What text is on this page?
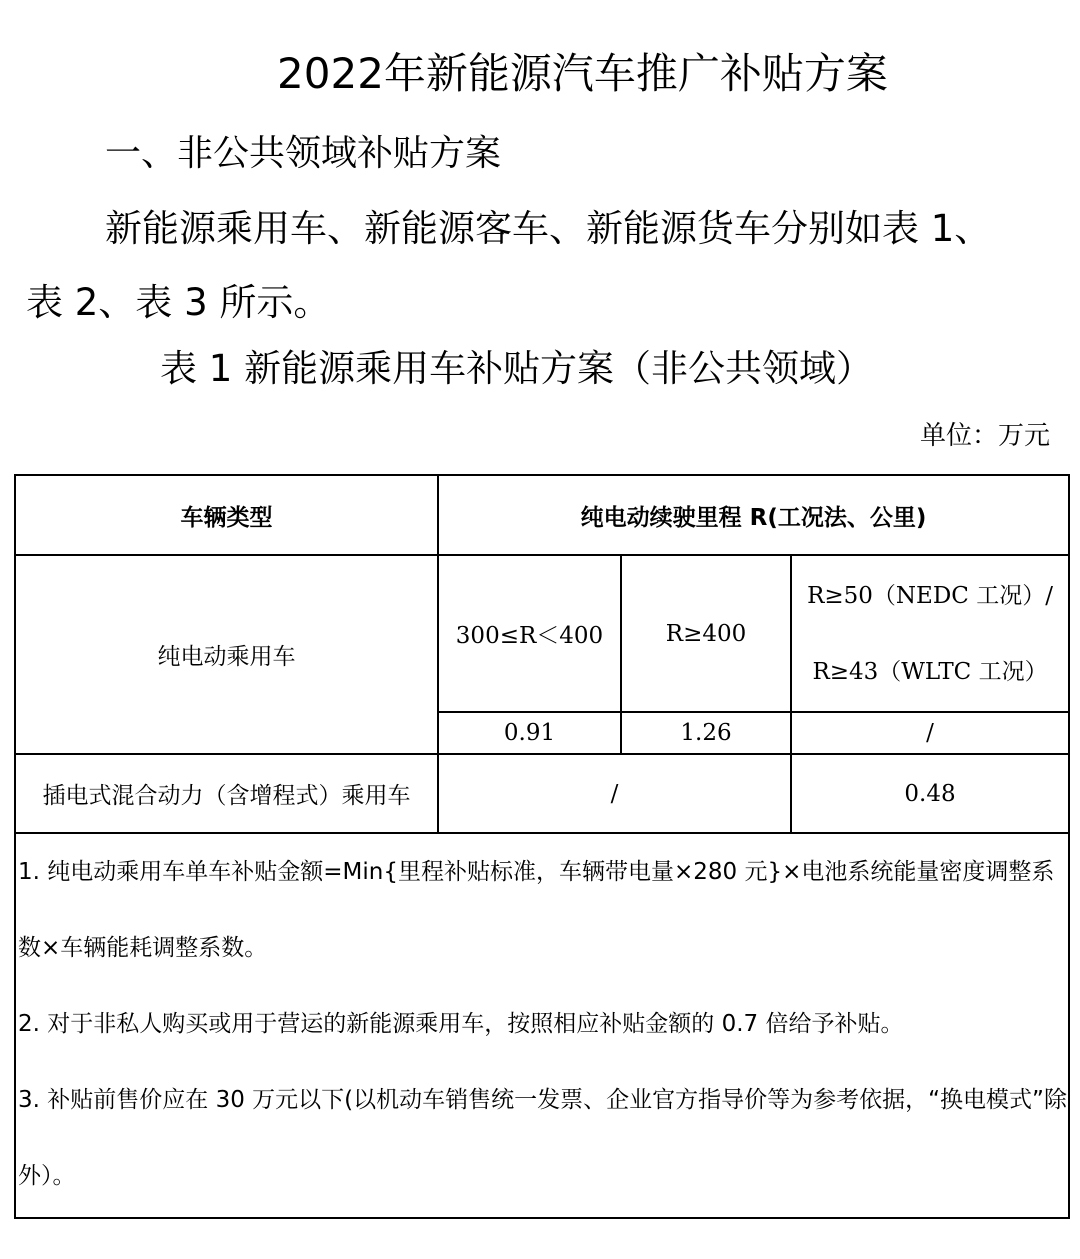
2022年新能源汽车推广补贴方案
一、非公共领域补贴方案
新能源乘用车、新能源客车、新能源货车分别如表 1、
表 2、表 3 所示。
表 1 新能源乘用车补贴方案（非公共领域）
单位：万元
车辆类型	纯电动续驶里程 R(工况法、公里)		
纯电动乘用车	300≤R＜400	R≥400	R≥50（NEDC 工况）/
R≥43（WLTC 工况）

	0.91	1.26	/
插电式混合动力（含增程式）乘用车	/		0.48

1. 纯电动乘用车单车补贴金额=Min{里程补贴标准，车辆带电量×280 元}×电池系统能量密度调整系数×车辆能耗调整系数。
2. 对于非私人购买或用于营运的新能源乘用车，按照相应补贴金额的 0.7 倍给予补贴。
3. 补贴前售价应在 30 万元以下(以机动车销售统一发票、企业官方指导价等为参考依据，“换电模式”除外）。			
